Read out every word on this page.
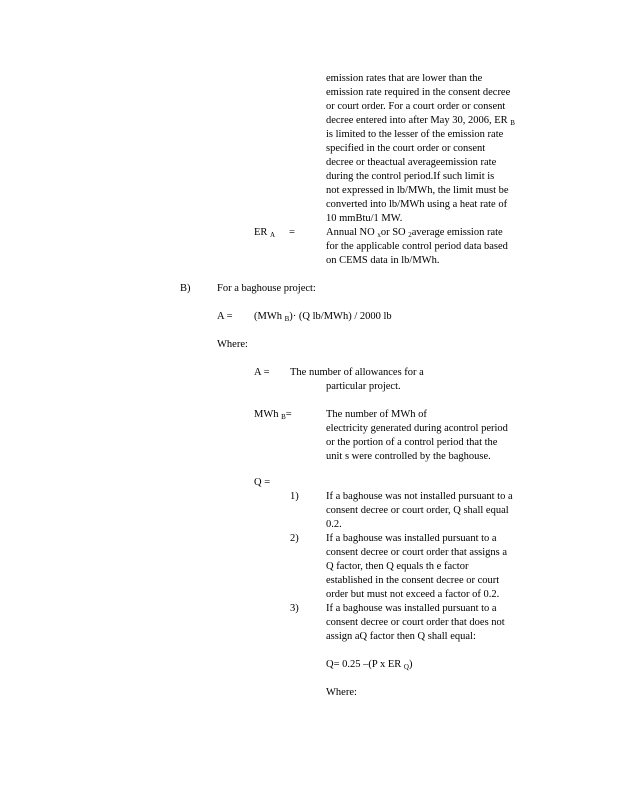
emission rates that are lower than the
emission rate required in the consent decree
or court order. For a court order or consent
decree entered into after May 30, 2006, ER $_B$
is limited to the lesser of the emission rate
specified in the court order or consent
decree or theactual averageemission rate
during the control period.If such limit is
not expressed in lb/MWh, the limit must be
converted into lb/MWh using a heat rate of
10 mmBtu/1 MW.
ER $_A$ =	Annual NO $_x$or SO $_2$average emission rate
for the applicable control period data based
on CEMS data in lb/MWh.
B)	For a baghouse project:
A = (MWh $_B$)· (Q lb/MWh) / 2000 lb
Where:
A = The number of allowances for a
particular project.
MWh $_B$=	The number of MWh of
electricity generated during acontrol period
or the portion of a control period that the
unit s were controlled by the baghouse.
Q =
1)	If a baghouse was not installed pursuant to a
consent decree or court order, Q shall equal
0.2.
2)	If a baghouse was installed pursuant to a
consent decree or court order that assigns a
Q factor, then Q equals th e factor
established in the consent decree or court
order but must not exceed a factor of 0.2.
3)	If a baghouse was installed pursuant to a
consent decree or court order that does not
assign aQ factor then Q shall equal:
Q= 0.25 –(P x ER $_Q$)
Where:
